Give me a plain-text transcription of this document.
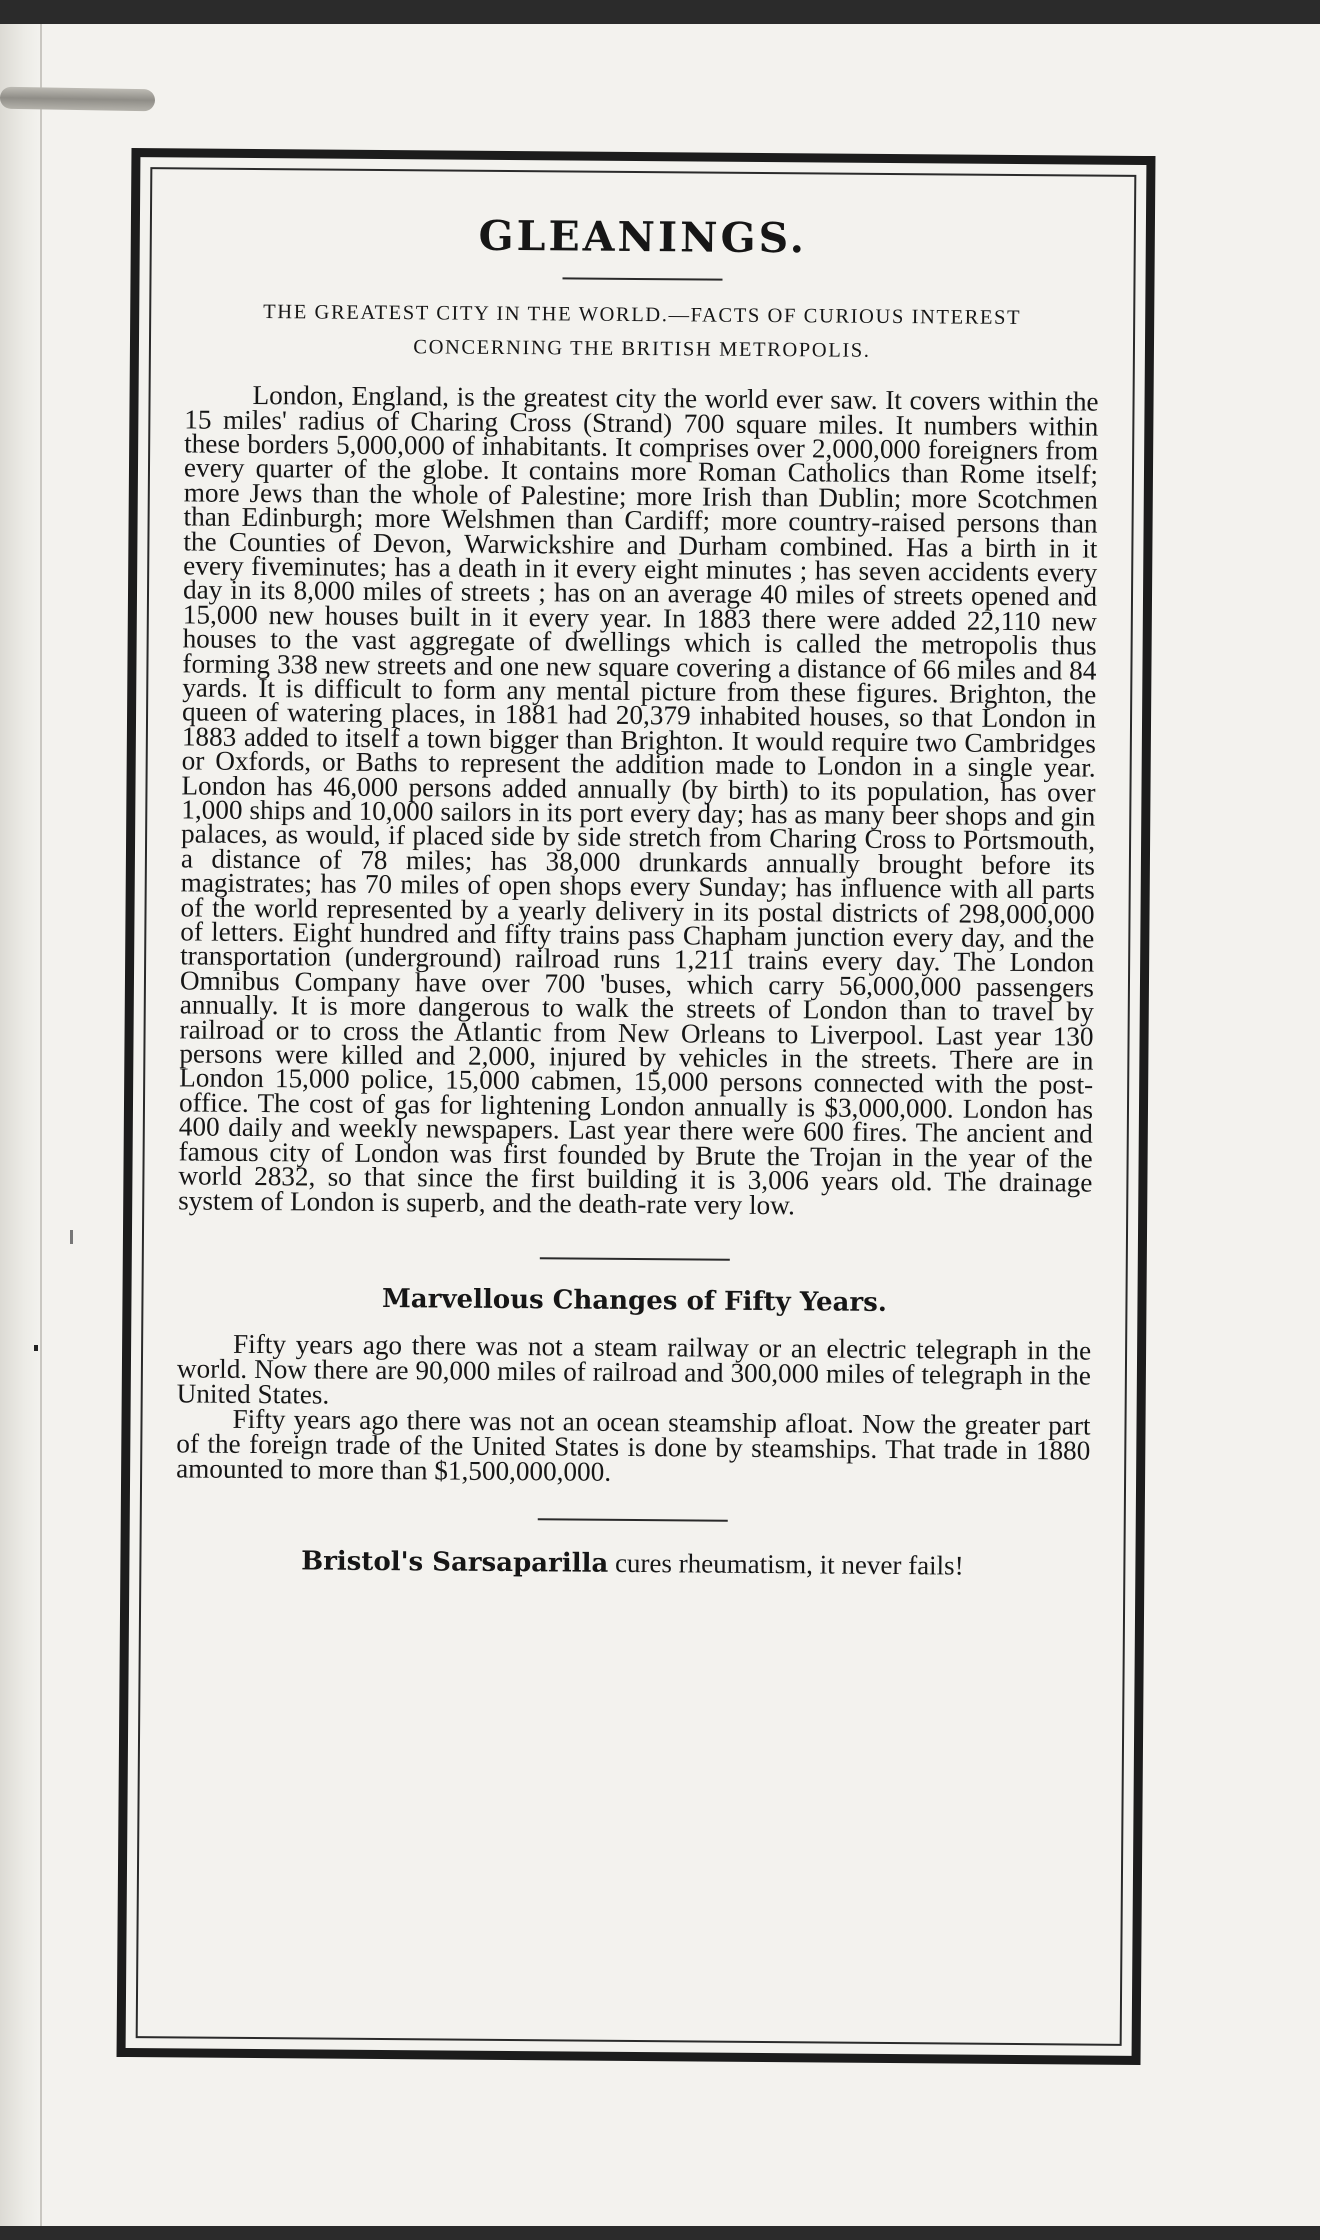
GLEANINGS.

THE GREATEST CITY IN THE WORLD.—FACTS OF CURIOUS INTEREST

CONCERNING THE BRITISH METROPOLIS.

London, England, is the greatest city the world ever saw. It covers within the 15 miles' radius of Charing Cross (Strand) 700 square miles. It numbers within these borders 5,000,000 of inhabitants. It comprises over 2,000,000 foreigners from every quarter of the globe. It contains more Roman Catholics than Rome itself; more Jews than the whole of Palestine; more Irish than Dublin; more Scotchmen than Edinburgh; more Welshmen than Cardiff; more country-raised persons than the Counties of Devon, Warwickshire and Durham combined. Has a birth in it every fiveminutes; has a death in it every eight minutes ; has seven accidents every day in its 8,000 miles of streets ; has on an average 40 miles of streets opened and 15,000 new houses built in it every year. In 1883 there were added 22,110 new houses to the vast aggregate of dwellings which is called the metropolis thus forming 338 new streets and one new square covering a distance of 66 miles and 84 yards. It is difficult to form any mental picture from these figures. Brighton, the queen of watering places, in 1881 had 20,379 inhabited houses, so that London in 1883 added to itself a town bigger than Brighton. It would require two Cambridges or Oxfords, or Baths to represent the addition made to London in a single year. London has 46,000 persons added annually (by birth) to its population, has over 1,000 ships and 10,000 sailors in its port every day; has as many beer shops and gin palaces, as would, if placed side by side stretch from Charing Cross to Portsmouth, a distance of 78 miles; has 38,000 drunkards annually brought before its magistrates; has 70 miles of open shops every Sunday; has influence with all parts of the world represented by a yearly delivery in its postal districts of 298,000,000 of letters. Eight hundred and fifty trains pass Chapham junction every day, and the transportation (underground) railroad runs 1,211 trains every day. The London Omnibus Company have over 700 'buses, which carry 56,000,000 passengers annually. It is more dangerous to walk the streets of London than to travel by railroad or to cross the Atlantic from New Orleans to Liverpool. Last year 130 persons were killed and 2,000, injured by vehicles in the streets. There are in London 15,000 police, 15,000 cabmen, 15,000 persons connected with the post-office. The cost of gas for lightening London annually is $3,000,000. London has 400 daily and weekly newspapers. Last year there were 600 fires. The ancient and famous city of London was first founded by Brute the Trojan in the year of the world 2832, so that since the first building it is 3,006 years old. The drainage system of London is superb, and the death-rate very low.

Marvellous Changes of Fifty Years.

Fifty years ago there was not a steam railway or an electric telegraph in the world. Now there are 90,000 miles of railroad and 300,000 miles of telegraph in the United States.

Fifty years ago there was not an ocean steamship afloat. Now the greater part of the foreign trade of the United States is done by steamships. That trade in 1880 amounted to more than $1,500,000,000.

Bristol's Sarsaparilla cures rheumatism, it never fails!
